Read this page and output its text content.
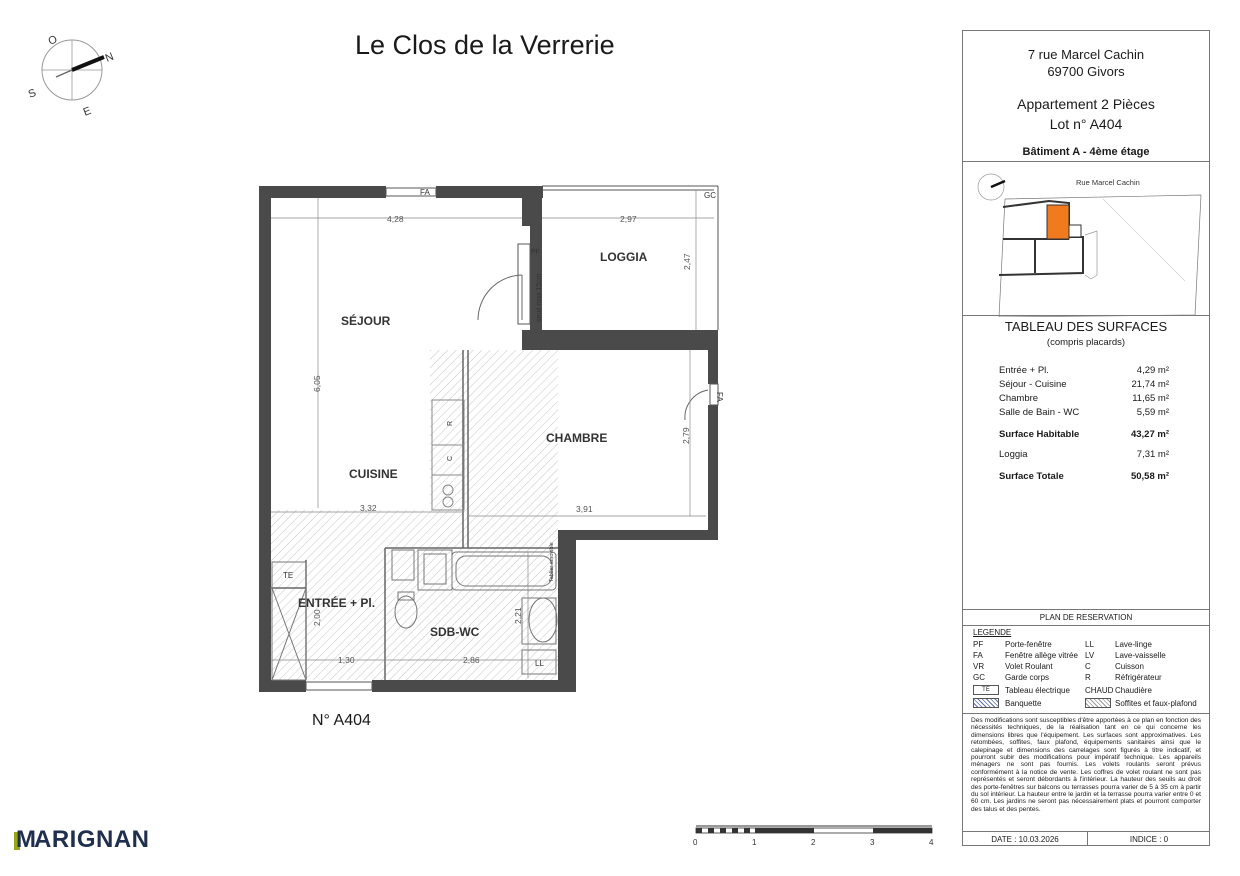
Le Clos de la Verrerie
N° A404
O
N
S
E
SÉJOUR
CUISINE
LOGGIA
CHAMBRE
ENTRÉE + Pl.
SDB-WC
4,28	2,97
2,47
6,05
3,32	3,91
2,79
2,21
2,00
1,30	2,86
FA
FA
GC
PF
seuil max 15cm
R
C
TE
LL
Tablier amovible
0	1	2	3	4
M
ARIGNAN
7 rue Marcel Cachin
69700 Givors
Appartement 2 Pièces
Lot n° A404
Bâtiment A - 4ème étage
Rue Marcel Cachin
TABLEAU DES SURFACES
(compris placards)
Entrée + Pl.	4,29 m²
Séjour - Cuisine	21,74 m²
Chambre	11,65 m²
Salle de Bain - WC	5,59 m²
Surface Habitable	43,27 m²
Loggia	7,31 m²
Surface Totale	50,58 m²
PLAN DE RESERVATION
LEGENDE
PF	Porte-fenêtre	LL	Lave-linge
FA	Fenêtre allège vitrée LV	Lave-vaisselle
VR	Volet Roulant	C	Cuisson
GC	Garde corps	R	Réfrigérateur
TE	Tableau électrique CHAUD Chaudière
Banquette	Soffites et faux-plafond
Des modifications sont susceptibles d'être apportées à ce plan en fonction des nécessités techniques, de la réalisation tant en ce qui concerne les dimensions libres que l'équipement. Les surfaces sont approximatives. Les retombées, soffites, faux plafond, équipements sanitaires ainsi que le calepinage et dimensions des carrelages sont figurés à titre indicatif, et pourront subir des modifications pour impératif technique. Les appareils ménagers ne sont pas fournis. Les volets roulants seront prévus conformément à la notice de vente. Les coffres de volet roulant ne sont pas représentés et seront débordants à l'intérieur. La hauteur des seuils au droit des porte-fenêtres sur balcons ou terrasses pourra varier de 5 à 35 cm à partir du sol intérieur. La hauteur entre le jardin et la terrasse pourra varier entre 0 et 60 cm. Les jardins ne seront pas nécessairement plats et pourront comporter des talus et des pentes.
DATE : 10.03.2026	INDICE : 0
